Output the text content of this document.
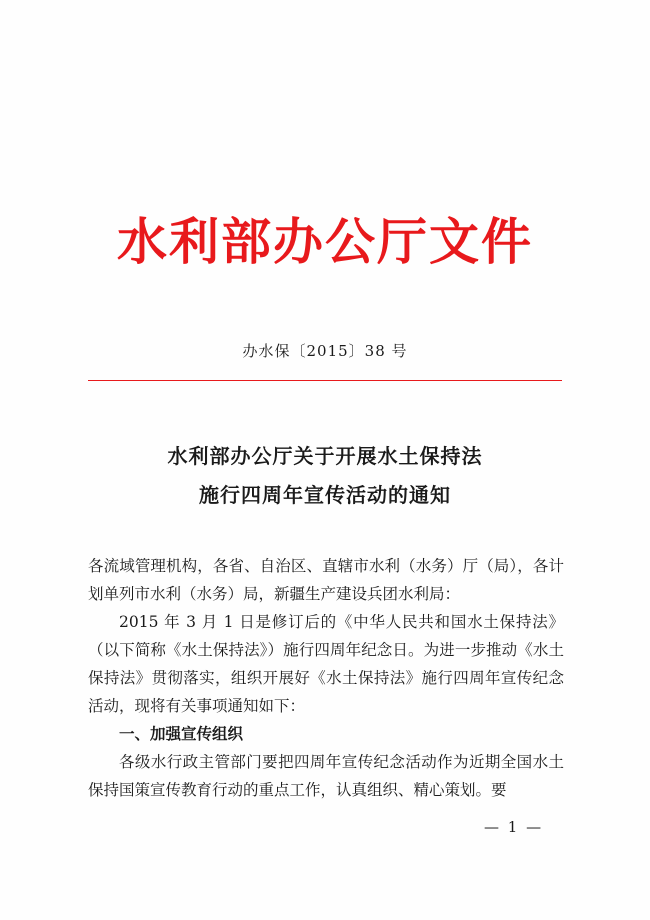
水利部办公厅文件
办水保〔2015〕38 号
水利部办公厅关于开展水土保持法
施行四周年宣传活动的通知

各流域管理机构，各省、自治区、直辖市水利（水务）厅（局），各计划单列市水利（水务）局，新疆生产建设兵团水利局：

2015 年 3 月 1 日是修订后的《中华人民共和国水土保持法》（以下简称《水土保持法》）施行四周年纪念日。为进一步推动《水土保持法》贯彻落实，组织开展好《水土保持法》施行四周年宣传纪念活动，现将有关事项通知如下：

一、加强宣传组织

各级水行政主管部门要把四周年宣传纪念活动作为近期全国水土保持国策宣传教育行动的重点工作，认真组织、精心策划。要

— 1 —
